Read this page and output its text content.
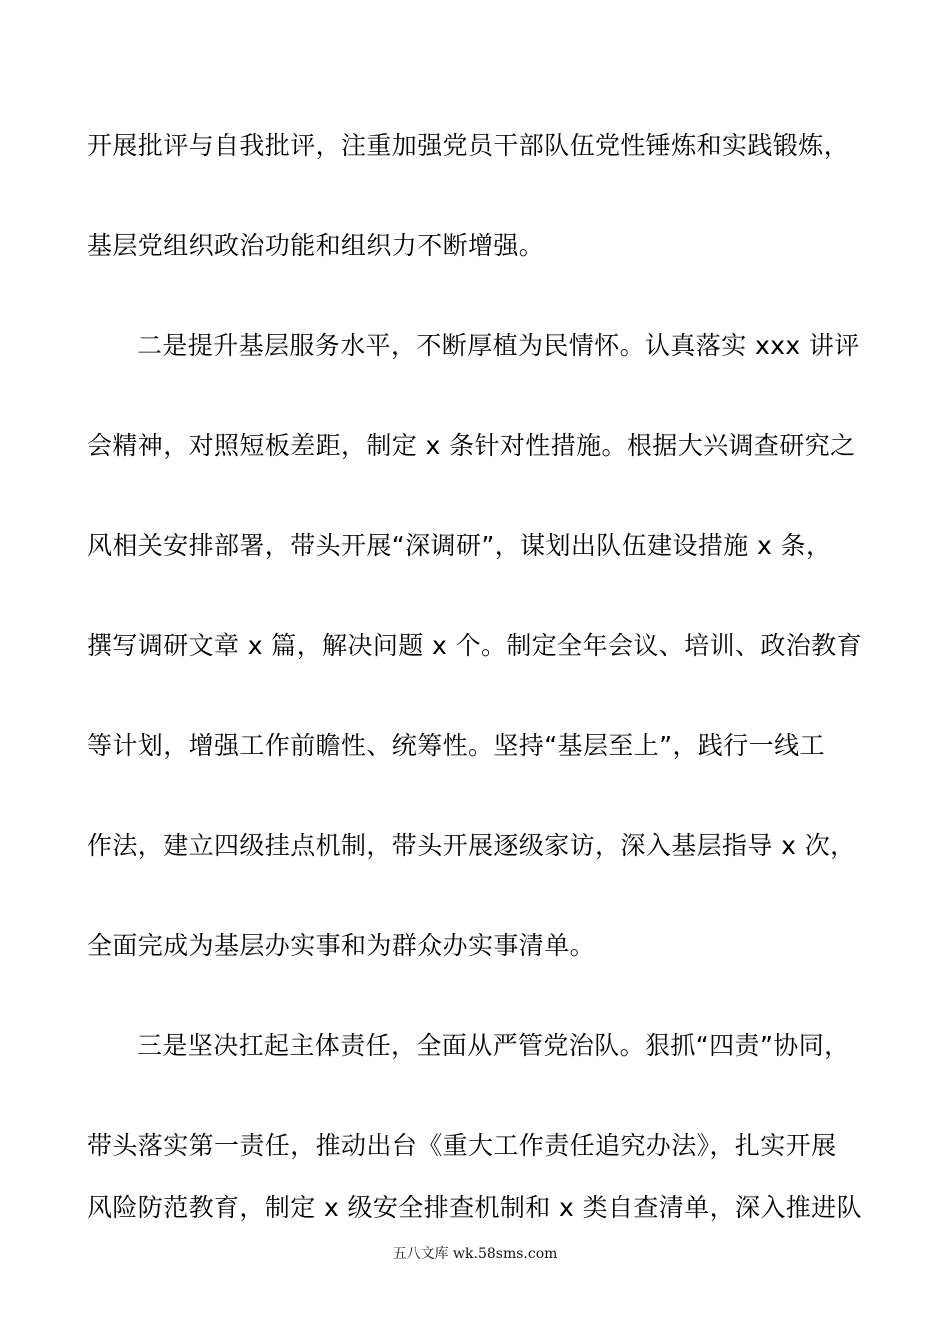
开展批评与自我批评，注重加强党员干部队伍党性锤炼和实践锻炼，
基层党组织政治功能和组织力不断增强。
二是提升基层服务水平，不断厚植为民情怀。认真落实 xxx 讲评
会精神，对照短板差距，制定 x 条针对性措施。根据大兴调查研究之
风相关安排部署，带头开展“深调研”，谋划出队伍建设措施 x 条，
撰写调研文章 x 篇，解决问题 x 个。制定全年会议、培训、政治教育
等计划，增强工作前瞻性、统筹性。坚持“基层至上”，践行一线工
作法，建立四级挂点机制，带头开展逐级家访，深入基层指导 x 次，
全面完成为基层办实事和为群众办实事清单。
三是坚决扛起主体责任，全面从严管党治队。狠抓“四责”协同，
带头落实第一责任，推动出台《重大工作责任追究办法》，扎实开展
风险防范教育，制定 x 级安全排查机制和 x 类自查清单，深入推进队
五八文库 wk.58sms.com
